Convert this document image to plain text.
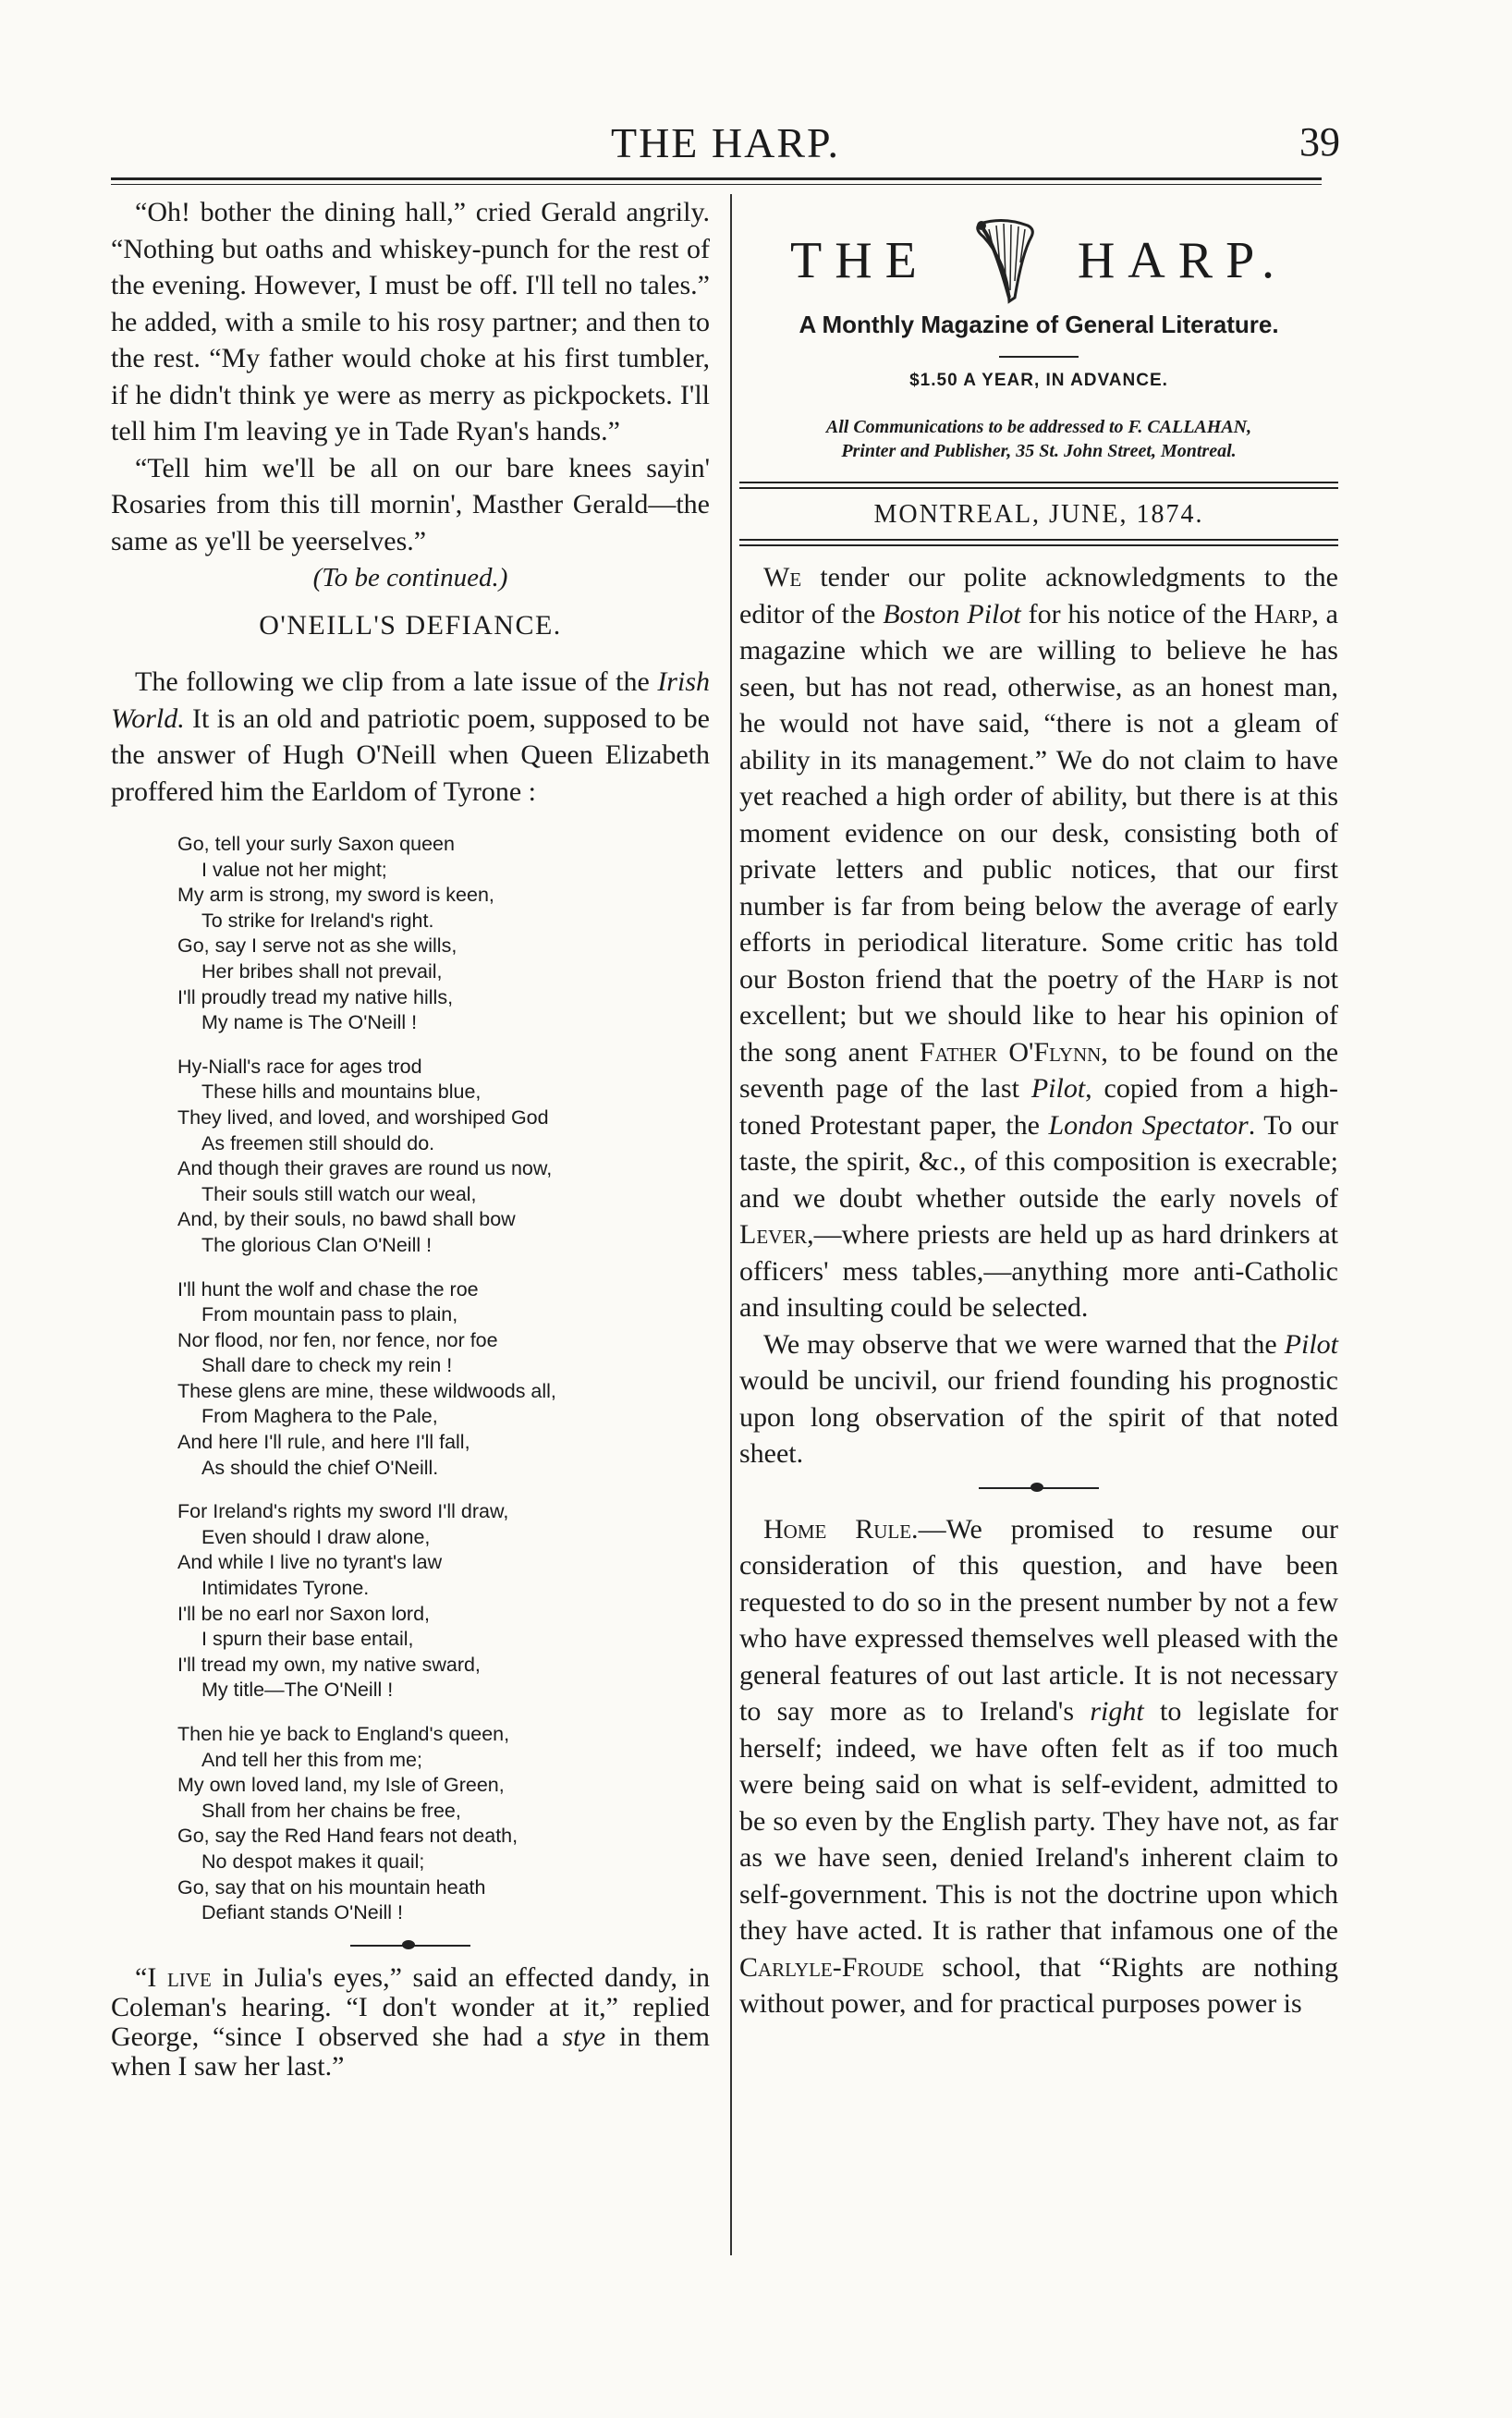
THE HARP.	39

“Oh! bother the dining hall,” cried Gerald angrily. “Nothing but oaths and whiskey-punch for the rest of the evening. However, I must be off. I'll tell no tales.” he added, with a smile to his rosy partner; and then to the rest. “My father would choke at his first tumbler, if he didn't think ye were as merry as pickpockets. I'll tell him I'm leaving ye in Tade Ryan's hands.”

“Tell him we'll be all on our bare knees sayin' Rosaries from this till mornin', Masther Gerald—the same as ye'll be yeerselves.”

(To be continued.)

O'NEILL'S DEFIANCE.

The following we clip from a late issue of the Irish World. It is an old and patriotic poem, supposed to be the answer of Hugh O'Neill when Queen Elizabeth proffered him the Earldom of Tyrone :

Go, tell your surly Saxon queen
I value not her might;
My arm is strong, my sword is keen,
To strike for Ireland's right.
Go, say I serve not as she wills,
Her bribes shall not prevail,
I'll proudly tread my native hills,
My name is The O'Neill !
Hy-Niall's race for ages trod
These hills and mountains blue,
They lived, and loved, and worshiped God
As freemen still should do.
And though their graves are round us now,
Their souls still watch our weal,
And, by their souls, no bawd shall bow
The glorious Clan O'Neill !
I'll hunt the wolf and chase the roe
From mountain pass to plain,
Nor flood, nor fen, nor fence, nor foe
Shall dare to check my rein !
These glens are mine, these wildwoods all,
From Maghera to the Pale,
And here I'll rule, and here I'll fall,
As should the chief O'Neill.
For Ireland's rights my sword I'll draw,
Even should I draw alone,
And while I live no tyrant's law
Intimidates Tyrone.
I'll be no earl nor Saxon lord,
I spurn their base entail,
I'll tread my own, my native sward,
My title—The O'Neill !
Then hie ye back to England's queen,
And tell her this from me;
My own loved land, my Isle of Green,
Shall from her chains be free,
Go, say the Red Hand fears not death,
No despot makes it quail;
Go, say that on his mountain heath
Defiant stands O'Neill !

“I live in Julia's eyes,” said an effected dandy, in Coleman's hearing. “I don't wonder at it,” replied George, “since I observed she had a stye in them when I saw her last.”

THE	HARP.
A Monthly Magazine of General Literature.
$1.50 A YEAR, IN ADVANCE.
All Communications to be addressed to F. CALLAHAN,
Printer and Publisher, 35 St. John Street, Montreal.
MONTREAL, JUNE, 1874.

We tender our polite acknowledgments to the editor of the Boston Pilot for his notice of the Harp, a magazine which we are willing to believe he has seen, but has not read, otherwise, as an honest man, he would not have said, “there is not a gleam of ability in its management.” We do not claim to have yet reached a high order of ability, but there is at this moment evidence on our desk, consisting both of private letters and public notices, that our first number is far from being below the average of early efforts in periodical literature. Some critic has told our Boston friend that the poetry of the Harp is not excellent; but we should like to hear his opinion of the song anent Father O'Flynn, to be found on the seventh page of the last Pilot, copied from a high-toned Protestant paper, the London Spectator. To our taste, the spirit, &c., of this composition is execrable; and we doubt whether outside the early novels of Lever,—where priests are held up as hard drinkers at officers' mess tables,—anything more anti-Catholic and insulting could be selected.

We may observe that we were warned that the Pilot would be uncivil, our friend founding his prognostic upon long observation of the spirit of that noted sheet.

Home Rule.—We promised to resume our consideration of this question, and have been requested to do so in the present number by not a few who have expressed themselves well pleased with the general features of out last article. It is not necessary to say more as to Ireland's right to legislate for herself; indeed, we have often felt as if too much were being said on what is self-evident, admitted to be so even by the English party. They have not, as far as we have seen, denied Ireland's inherent claim to self-government. This is not the doctrine upon which they have acted. It is rather that infamous one of the Carlyle-Froude school, that “Rights are nothing without power, and for practical purposes power is
